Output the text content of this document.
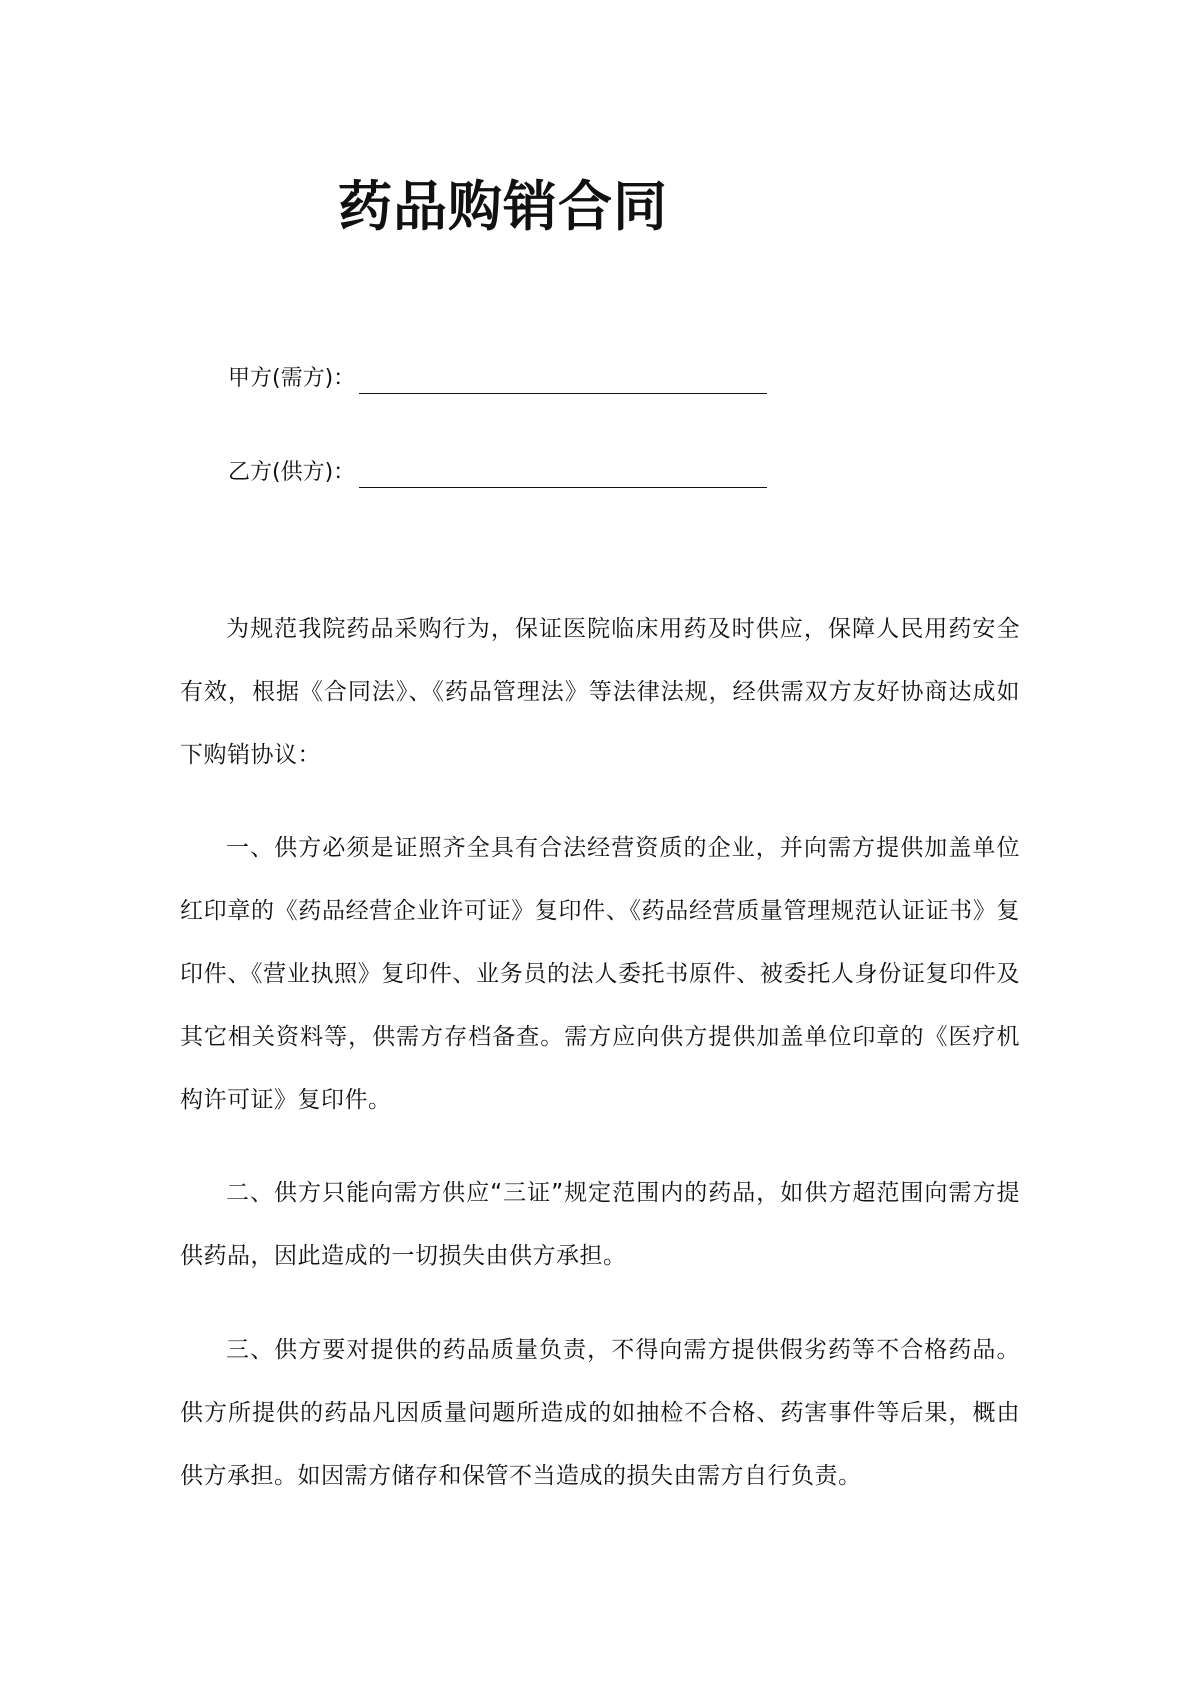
药品购销合同
甲方(需方)：
乙方(供方)：

为规范我院药品采购行为，保证医院临床用药及时供应，保障人民用药安全有效，根据《合同法》、《药品管理法》等法律法规，经供需双方友好协商达成如下购销协议：

一、供方必须是证照齐全具有合法经营资质的企业，并向需方提供加盖单位红印章的《药品经营企业许可证》复印件、《药品经营质量管理规范认证证书》复印件、《营业执照》复印件、业务员的法人委托书原件、被委托人身份证复印件及其它相关资料等，供需方存档备查。需方应向供方提供加盖单位印章的《医疗机构许可证》复印件。

二、供方只能向需方供应“三证”规定范围内的药品，如供方超范围向需方提供药品，因此造成的一切损失由供方承担。

三、供方要对提供的药品质量负责，不得向需方提供假劣药等不合格药品。供方所提供的药品凡因质量问题所造成的如抽检不合格、药害事件等后果，概由供方承担。如因需方储存和保管不当造成的损失由需方自行负责。
